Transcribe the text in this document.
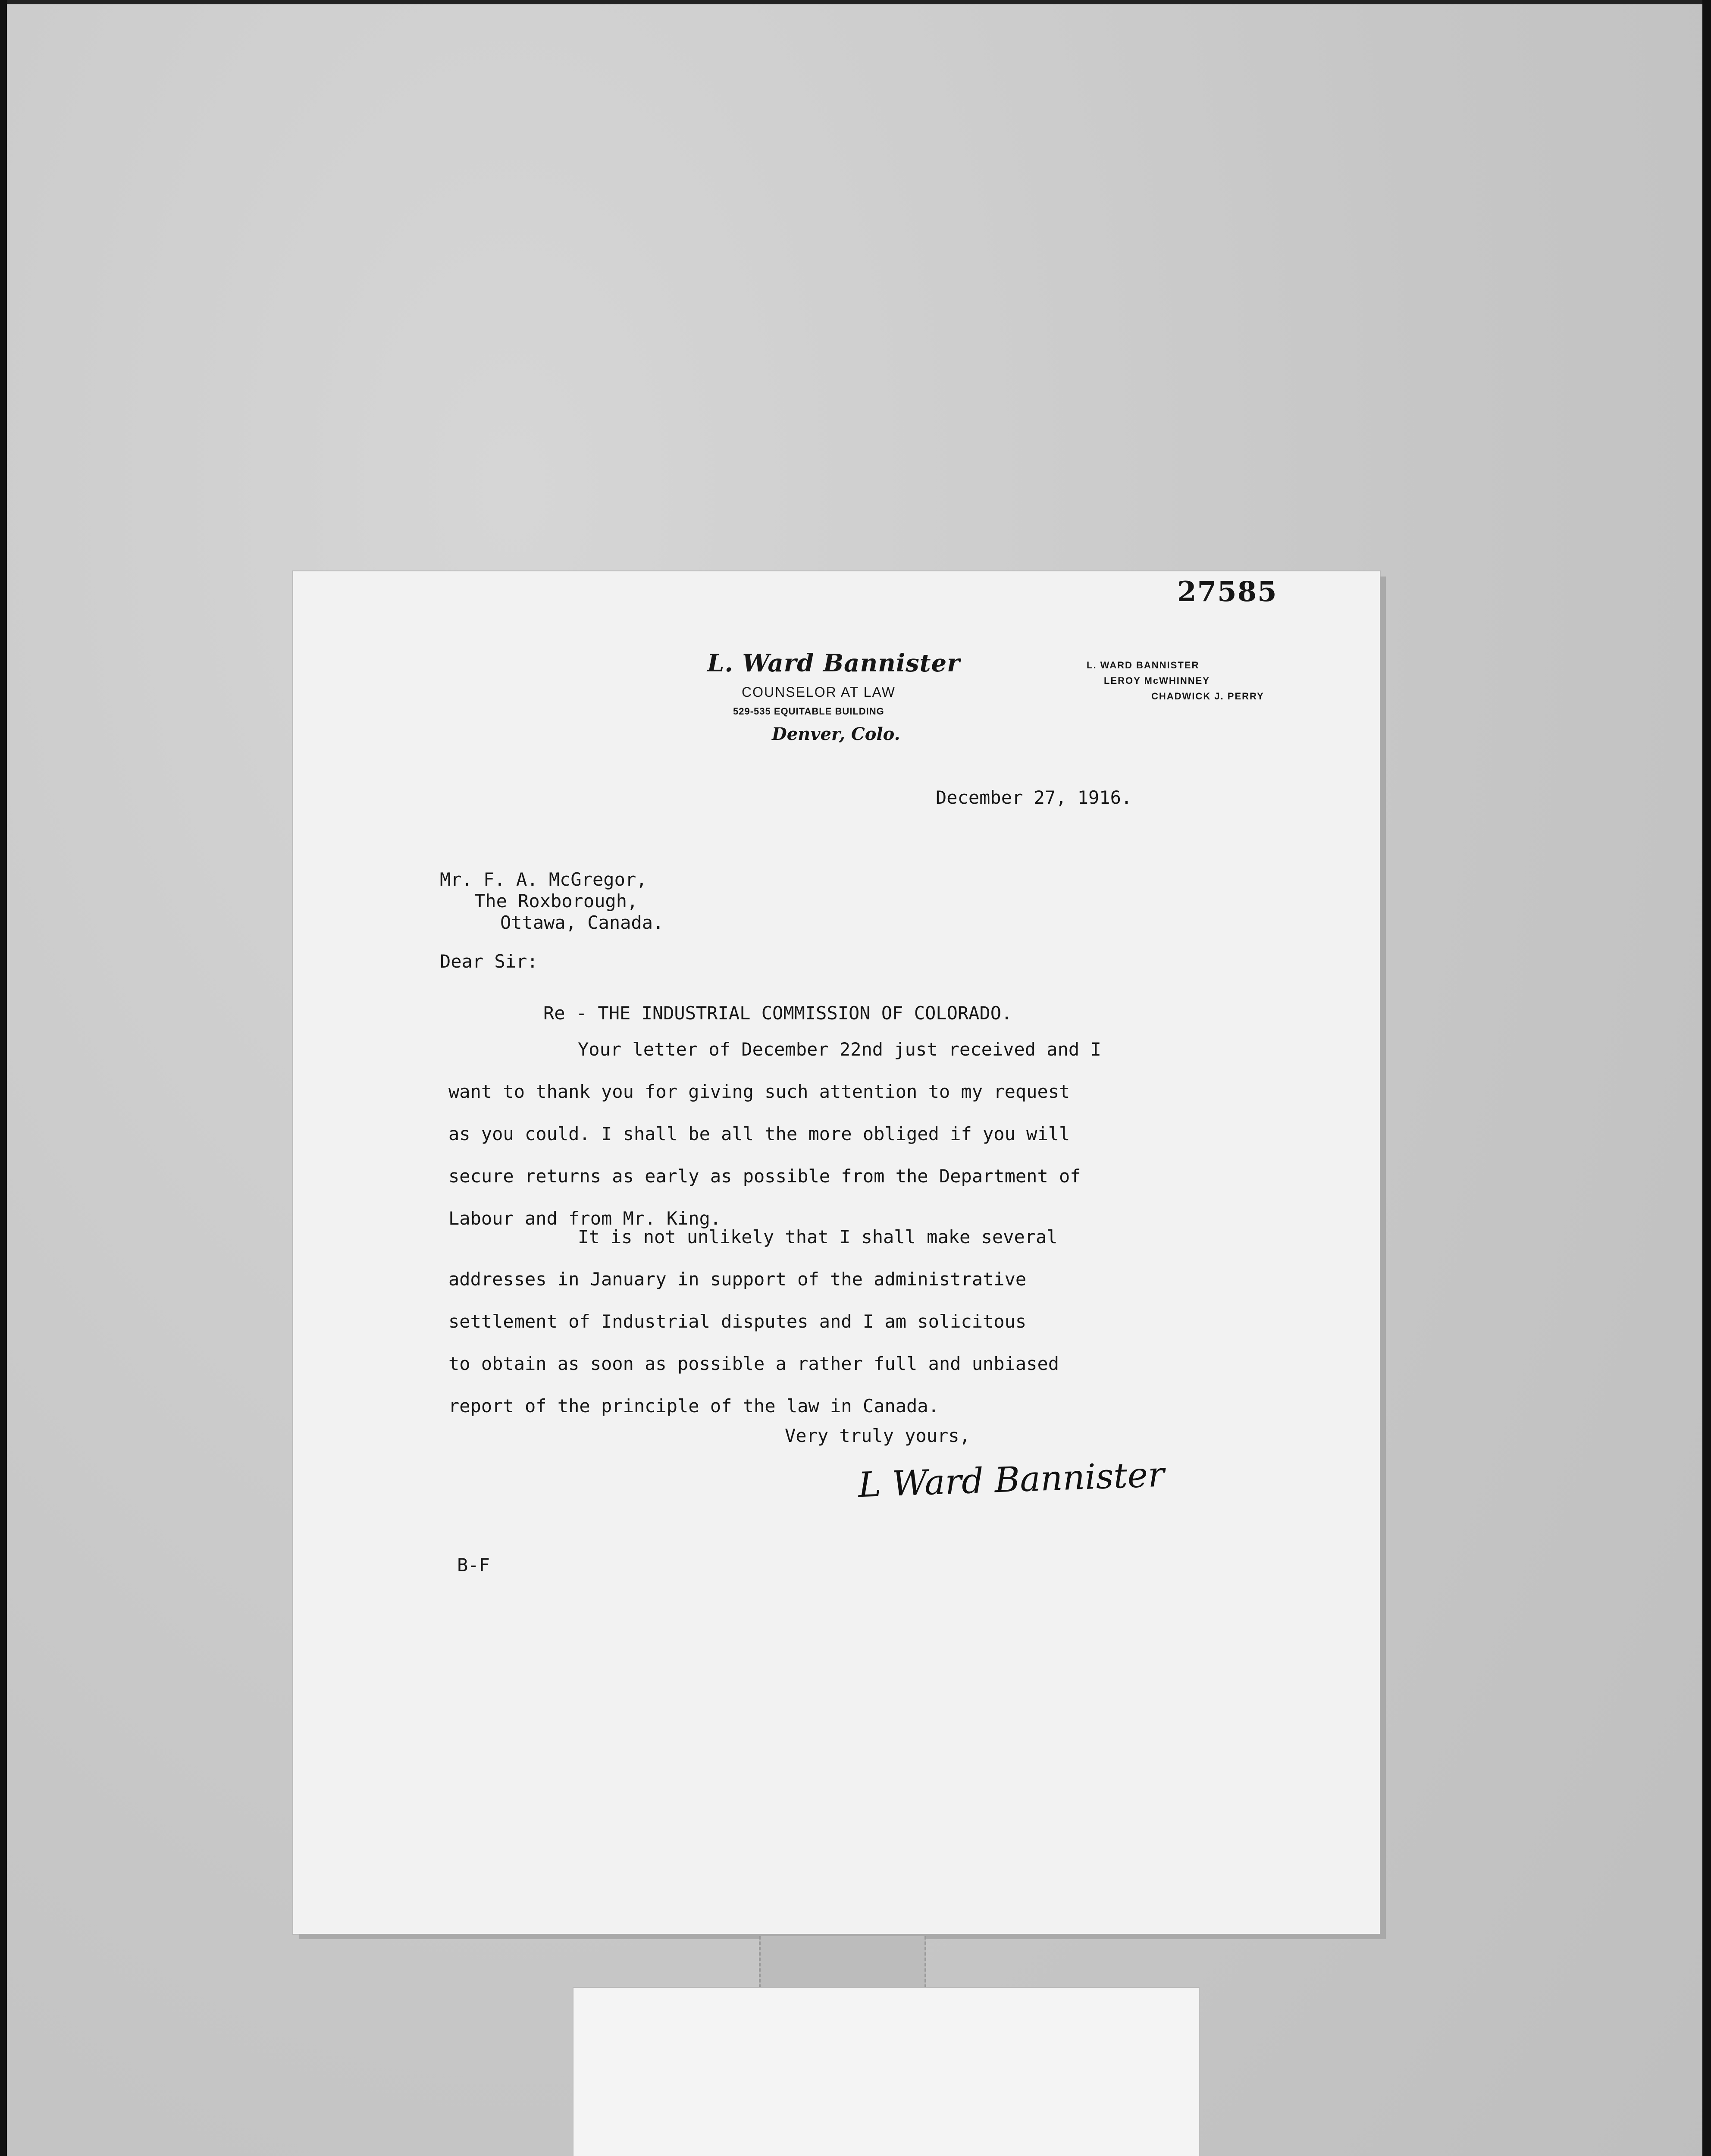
27585
L. Ward Bannister
COUNSELOR AT LAW
529-535 EQUITABLE BUILDING
Denver, Colo.
L. WARD BANNISTER
LEROY McWHINNEY
CHADWICK J. PERRY
December 27, 1916.
Mr. F. A. McGregor,
The Roxborough,
Ottawa, Canada.
Dear Sir:
Re - THE INDUSTRIAL COMMISSION OF COLORADO.
Your letter of December 22nd just received and I
want to thank you for giving such attention to my request
as you could. I shall be all the more obliged if you will
secure returns as early as possible from the Department of
Labour and from Mr. King.
It is not unlikely that I shall make several
addresses in January in support of the administrative
settlement of Industrial disputes and I am solicitous
to obtain as soon as possible a rather full and unbiased
report of the principle of the law in Canada.
Very truly yours,
L Ward Bannister
B-F
